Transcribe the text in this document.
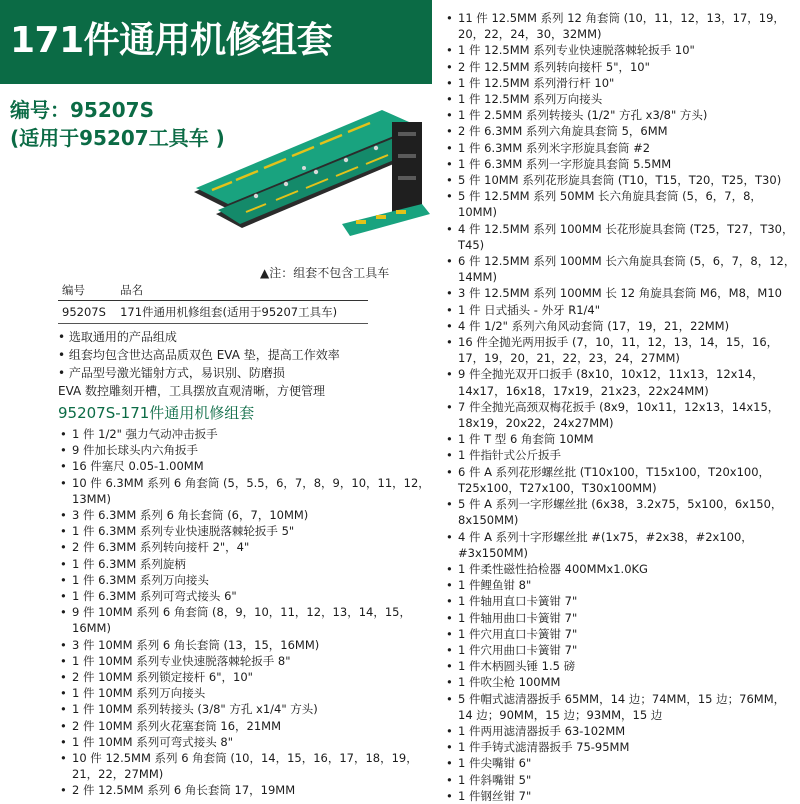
171件通用机修组套
编号：95207S
(适用于95207工具车 )
▲注：组套不包含工具车
编号	品名
95207S	171件通用机修组套(适用于95207工具车)
• 选取通用的产品组成
• 组套均包含世达高品质双色 EVA 垫，提高工作效率
• 产品型号激光镭射方式，易识别、防磨损
EVA 数控雕刻开槽，工具摆放直观清晰，方便管理
95207S-171件通用机修组套
• 1 件 1/2" 强力气动冲击扳手
• 9 件加长球头内六角扳手
• 16 件塞尺 0.05-1.00MM
• 10 件 6.3MM 系列 6 角套筒 (5，5.5，6，7，8，9，10，11，12，13MM)
• 3 件 6.3MM 系列 6 角长套筒 (6，7，10MM)
• 1 件 6.3MM 系列专业快速脱落棘轮扳手 5"
• 2 件 6.3MM 系列转向接杆 2"，4"
• 1 件 6.3MM 系列旋柄
• 1 件 6.3MM 系列万向接头
• 1 件 6.3MM 系列可弯式接头 6"
• 9 件 10MM 系列 6 角套筒 (8，9，10，11，12，13，14，15，16MM)
• 3 件 10MM 系列 6 角长套筒 (13，15，16MM)
• 1 件 10MM 系列专业快速脱落棘轮扳手 8"
• 2 件 10MM 系列锁定接杆 6"，10"
• 1 件 10MM 系列万向接头
• 1 件 10MM 系列转接头 (3/8" 方孔 x1/4" 方头)
• 2 件 10MM 系列火花塞套筒 16，21MM
• 1 件 10MM 系列可弯式接头 8"
• 10 件 12.5MM 系列 6 角套筒 (10，14，15，16，17，18，19，21，22，27MM)
• 2 件 12.5MM 系列 6 角长套筒 17，19MM
• 11 件 12.5MM 系列 12 角套筒 (10，11，12，13，17，19，20，22，24，30，32MM)
• 1 件 12.5MM 系列专业快速脱落棘轮扳手 10"
• 2 件 12.5MM 系列转向接杆 5"，10"
• 1 件 12.5MM 系列滑行杆 10"
• 1 件 12.5MM 系列万向接头
• 1 件 2.5MM 系列转接头 (1/2" 方孔 x3/8" 方头)
• 2 件 6.3MM 系列六角旋具套筒 5，6MM
• 1 件 6.3MM 系列米字形旋具套筒 #2
• 1 件 6.3MM 系列一字形旋具套筒 5.5MM
• 5 件 10MM 系列花形旋具套筒 (T10，T15，T20，T25，T30)
• 5 件 12.5MM 系列 50MM 长六角旋具套筒 (5，6，7，8，10MM)
• 4 件 12.5MM 系列 100MM 长花形旋具套筒 (T25，T27，T30，T45)
• 6 件 12.5MM 系列 100MM 长六角旋具套筒 (5，6，7，8，12，14MM)
• 3 件 12.5MM 系列 100MM 长 12 角旋具套筒 M6，M8，M10
• 1 件 日式插头 - 外牙 R1/4"
• 4 件 1/2" 系列六角风动套筒 (17，19，21，22MM)
• 16 件全抛光两用扳手 (7，10，11，12，13，14，15，16，17，19，20，21，22，23，24，27MM)
• 9 件全抛光双开口扳手 (8x10，10x12，11x13，12x14，14x17，16x18，17x19，21x23，22x24MM)
• 7 件全抛光高颈双梅花扳手 (8x9，10x11，12x13，14x15，18x19，20x22，24x27MM)
• 1 件 T 型 6 角套筒 10MM
• 1 件指针式公斤扳手
• 6 件 A 系列花形螺丝批 (T10x100，T15x100，T20x100，T25x100，T27x100，T30x100MM)
• 5 件 A 系列一字形螺丝批 (6x38，3.2x75，5x100，6x150，8x150MM)
• 4 件 A 系列十字形螺丝批 #(1x75，#2x38，#2x100，#3x150MM)
• 1 件柔性磁性拾检器 400MMx1.0KG
• 1 件鲤鱼钳 8"
• 1 件轴用直口卡簧钳 7"
• 1 件轴用曲口卡簧钳 7"
• 1 件穴用直口卡簧钳 7"
• 1 件穴用曲口卡簧钳 7"
• 1 件木柄圆头锤 1.5 磅
• 1 件吹尘枪 100MM
• 5 件帽式滤清器扳手 65MM，14 边；74MM，15 边；76MM，14 边；90MM，15 边；93MM，15 边
• 1 件两用滤清器扳手 63-102MM
• 1 件手铸式滤清器扳手 75-95MM
• 1 件尖嘴钳 6"
• 1 件斜嘴钳 5"
• 1 件钢丝钳 7"
